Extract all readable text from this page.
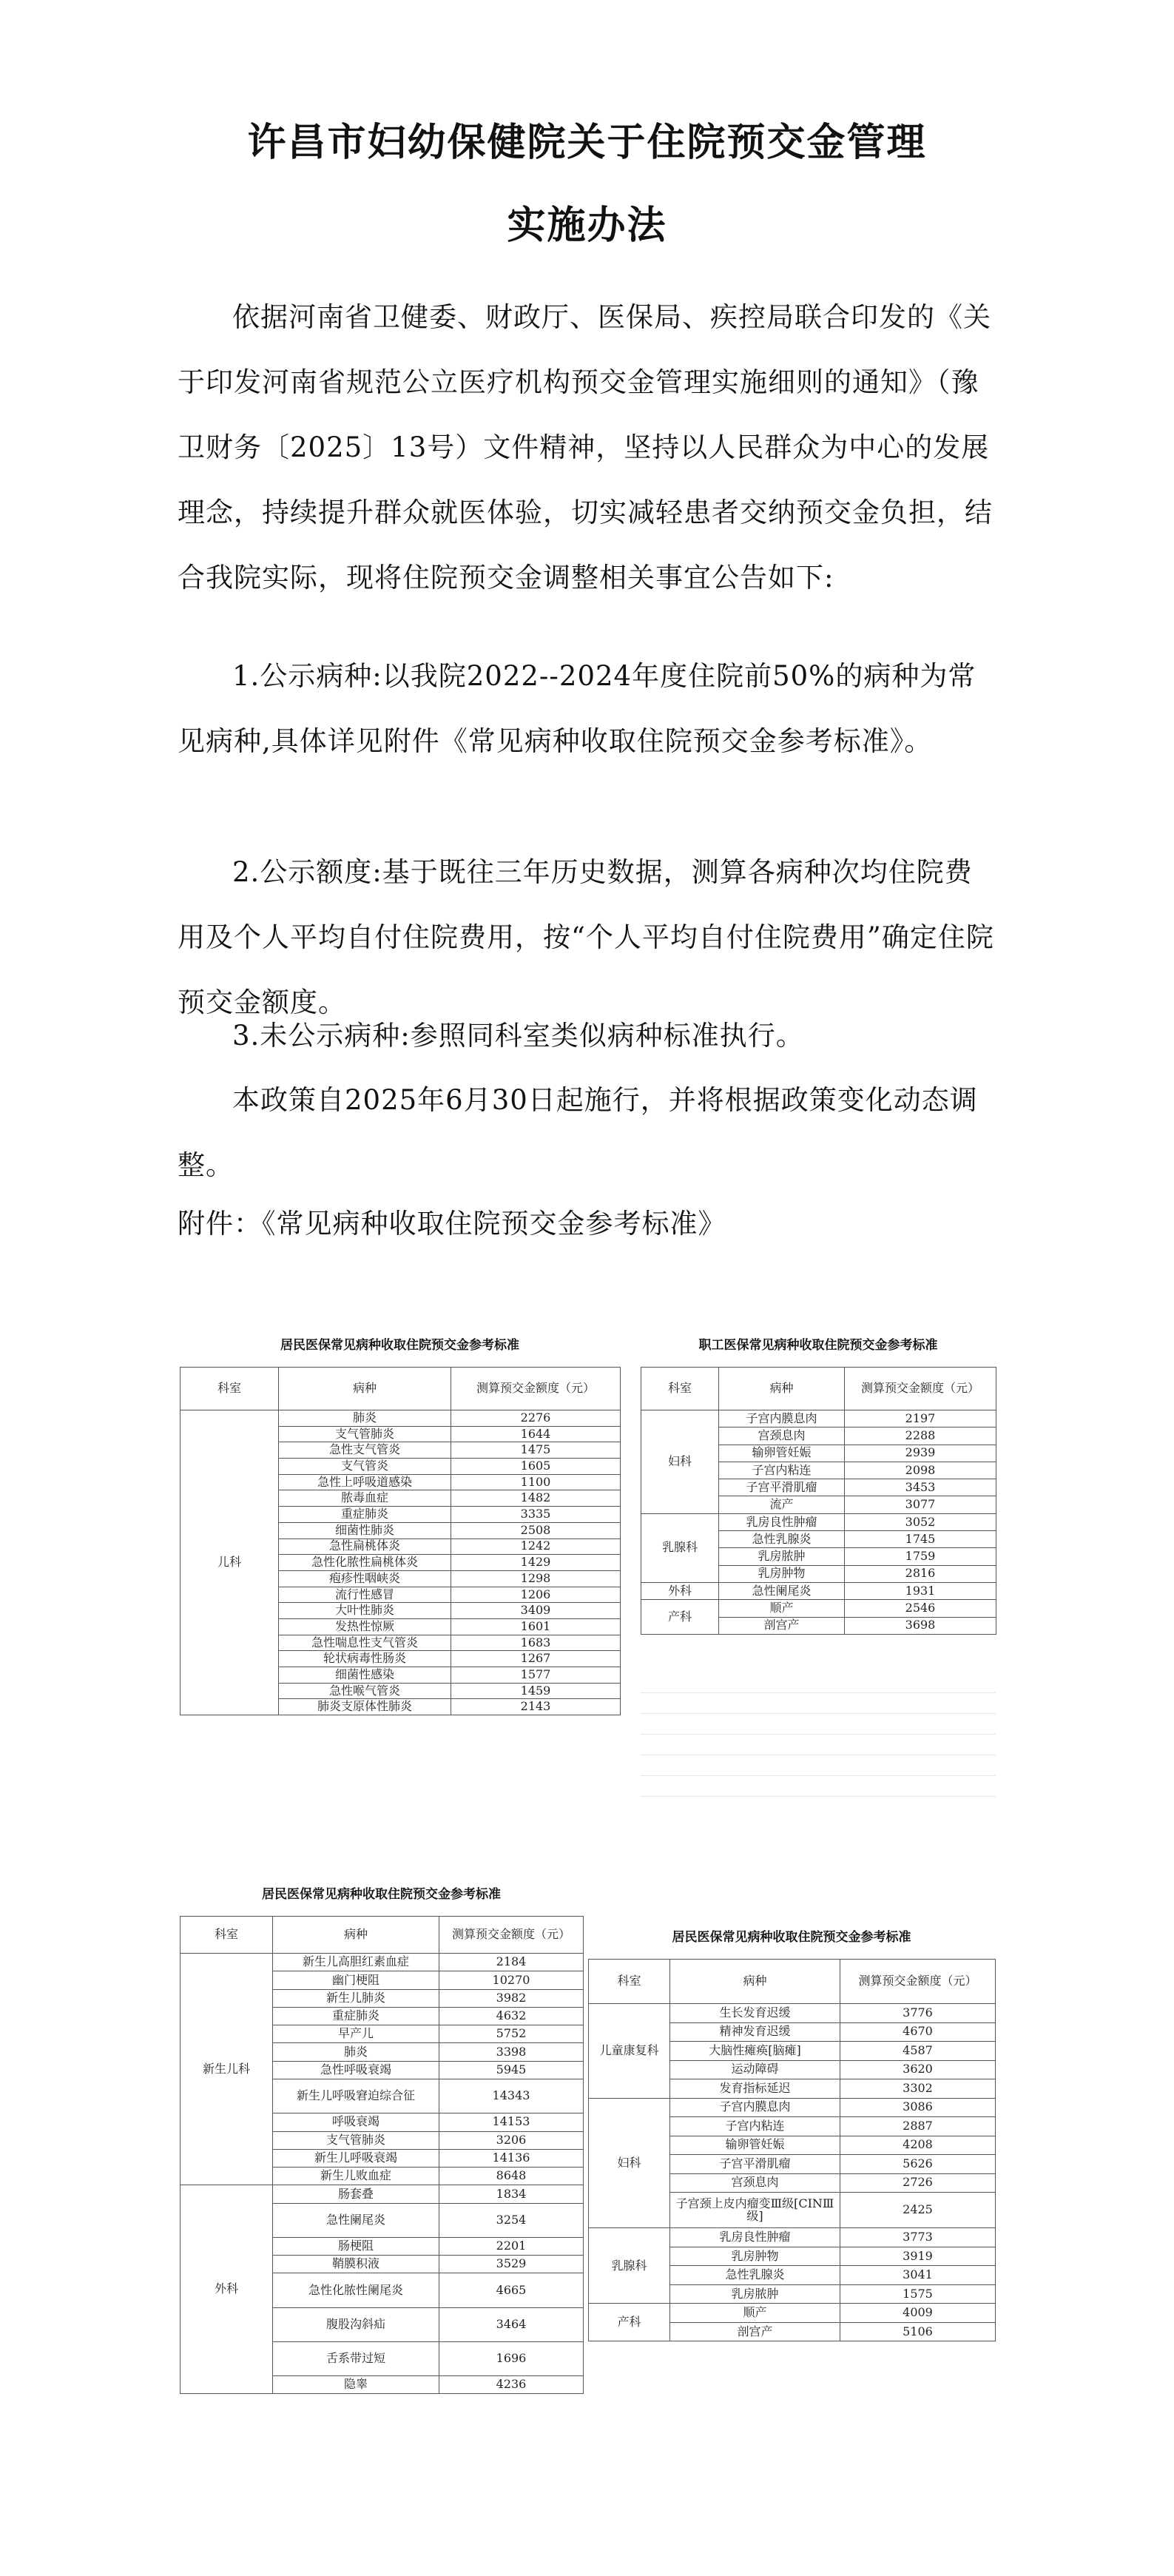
许昌市妇幼保健院关于住院预交金管理
实施办法

依据河南省卫健委、财政厅、医保局、疾控局联合印发的《关于印发河南省规范公立医疗机构预交金管理实施细则的通知》（豫卫财务〔2025〕13号）文件精神，坚持以人民群众为中心的发展理念，持续提升群众就医体验，切实减轻患者交纳预交金负担，结合我院实际，现将住院预交金调整相关事宜公告如下:

1.公示病种:以我院2022--2024年度住院前50%的病种为常见病种,具体详见附件《常见病种收取住院预交金参考标准》。

2.公示额度:基于既往三年历史数据，测算各病种次均住院费用及个人平均自付住院费用，按“个人平均自付住院费用”确定住院预交金额度。

3.未公示病种:参照同科室类似病种标准执行。

本政策自2025年6月30日起施行，并将根据政策变化动态调整。

附件：《常见病种收取住院预交金参考标准》

居民医保常见病种收取住院预交金参考标准
科室	病种	测算预交金额度（元）
儿科	肺炎	2276
	支气管肺炎	1644
	急性支气管炎	1475
	支气管炎	1605
	急性上呼吸道感染	1100
	脓毒血症	1482
	重症肺炎	3335
	细菌性肺炎	2508
	急性扁桃体炎	1242
	急性化脓性扁桃体炎	1429
	疱疹性咽峡炎	1298
	流行性感冒	1206
	大叶性肺炎	3409
	发热性惊厥	1601
	急性喘息性支气管炎	1683
	轮状病毒性肠炎	1267
	细菌性感染	1577
	急性喉气管炎	1459
	肺炎支原体性肺炎	2143
职工医保常见病种收取住院预交金参考标准
科室	病种	测算预交金额度（元）
妇科	子宫内膜息肉	2197
	宫颈息肉	2288
	输卵管妊娠	2939
	子宫内粘连	2098
	子宫平滑肌瘤	3453
	流产	3077
乳腺科	乳房良性肿瘤	3052
	急性乳腺炎	1745
	乳房脓肿	1759
	乳房肿物	2816
外科	急性阑尾炎	1931
产科	顺产	2546
	剖宫产	3698
居民医保常见病种收取住院预交金参考标准
科室	病种	测算预交金额度（元）
新生儿科	新生儿高胆红素血症	2184
	幽门梗阻	10270
	新生儿肺炎	3982
	重症肺炎	4632
	早产儿	5752
	肺炎	3398
	急性呼吸衰竭	5945
	新生儿呼吸窘迫综合征	14343
	呼吸衰竭	14153
	支气管肺炎	3206
	新生儿呼吸衰竭	14136
	新生儿败血症	8648
外科	肠套叠	1834
	急性阑尾炎	3254
	肠梗阻	2201
	鞘膜积液	3529
	急性化脓性阑尾炎	4665
	腹股沟斜疝	3464
	舌系带过短	1696
	隐睾	4236
居民医保常见病种收取住院预交金参考标准
科室	病种	测算预交金额度（元）
儿童康复科	生长发育迟缓	3776
	精神发育迟缓	4670
	大脑性瘫痪[脑瘫]	4587
	运动障碍	3620
	发育指标延迟	3302
妇科	子宫内膜息肉	3086
	子宫内粘连	2887
	输卵管妊娠	4208
	子宫平滑肌瘤	5626
	宫颈息肉	2726
	子宫颈上皮内瘤变Ⅲ级[CINⅢ级]	2425
乳腺科	乳房良性肿瘤	3773
	乳房肿物	3919
	急性乳腺炎	3041
	乳房脓肿	1575
产科	顺产	4009
	剖宫产	5106
